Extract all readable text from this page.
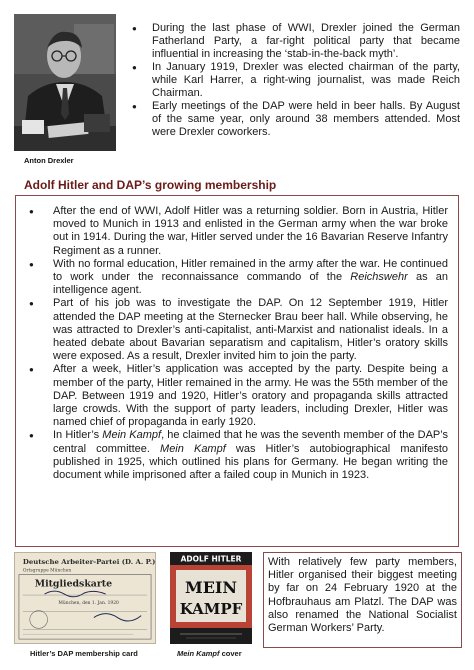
Anton Drexler
● During the last phase of WWI, Drexler joined the German Fatherland Party, a far-right political party that became influential in increasing the ‘stab-in-the-back myth’.
● In January 1919, Drexler was elected chairman of the party, while Karl Harrer, a right-wing journalist, was made Reich Chairman.
● Early meetings of the DAP were held in beer halls. By August of the same year, only around 38 members attended. Most were Drexler coworkers.
Adolf Hitler and DAP’s growing membership
● After the end of WWI, Adolf Hitler was a returning soldier. Born in Austria, Hitler moved to Munich in 1913 and enlisted in the German army when the war broke out in 1914. During the war, Hitler served under the 16 Bavarian Reserve Infantry Regiment as a runner.
● With no formal education, Hitler remained in the army after the war. He continued to work under the reconnaissance commando of the Reichswehr as an intelligence agent.
● Part of his job was to investigate the DAP. On 12 September 1919, Hitler attended the DAP meeting at the Sternecker Brau beer hall. While observing, he was attracted to Drexler’s anti-capitalist, anti-Marxist and nationalist ideals. In a heated debate about Bavarian separatism and capitalism, Hitler’s oratory skills were exposed. As a result, Drexler invited him to join the party.
● After a week, Hitler’s application was accepted by the party. Despite being a member of the party, Hitler remained in the army. He was the 55th member of the DAP. Between 1919 and 1920, Hitler’s oratory and propaganda skills attracted large crowds. With the support of party leaders, including Drexler, Hitler was named chief of propaganda in early 1920.
● In Hitler’s Mein Kampf, he claimed that he was the seventh member of the DAP’s central committee. Mein Kampf was Hitler’s autobiographical manifesto published in 1925, which outlined his plans for Germany. He began writing the document while imprisoned after a failed coup in Munich in 1923.
Deutsche Arbeiter-Partei (D. A. P.)
Ortsgruppe München
Mitgliedskarte
München, den 1. Jan. 1920
Hitler’s DAP membership card
ADOLF HITLER
MEIN
KAMPF
Mein Kampf cover
With relatively few party members, Hitler organised their biggest meeting by far on 24 February 1920 at the Hofbrauhaus am Platzl. The DAP was also renamed the National Socialist German Workers’ Party.
